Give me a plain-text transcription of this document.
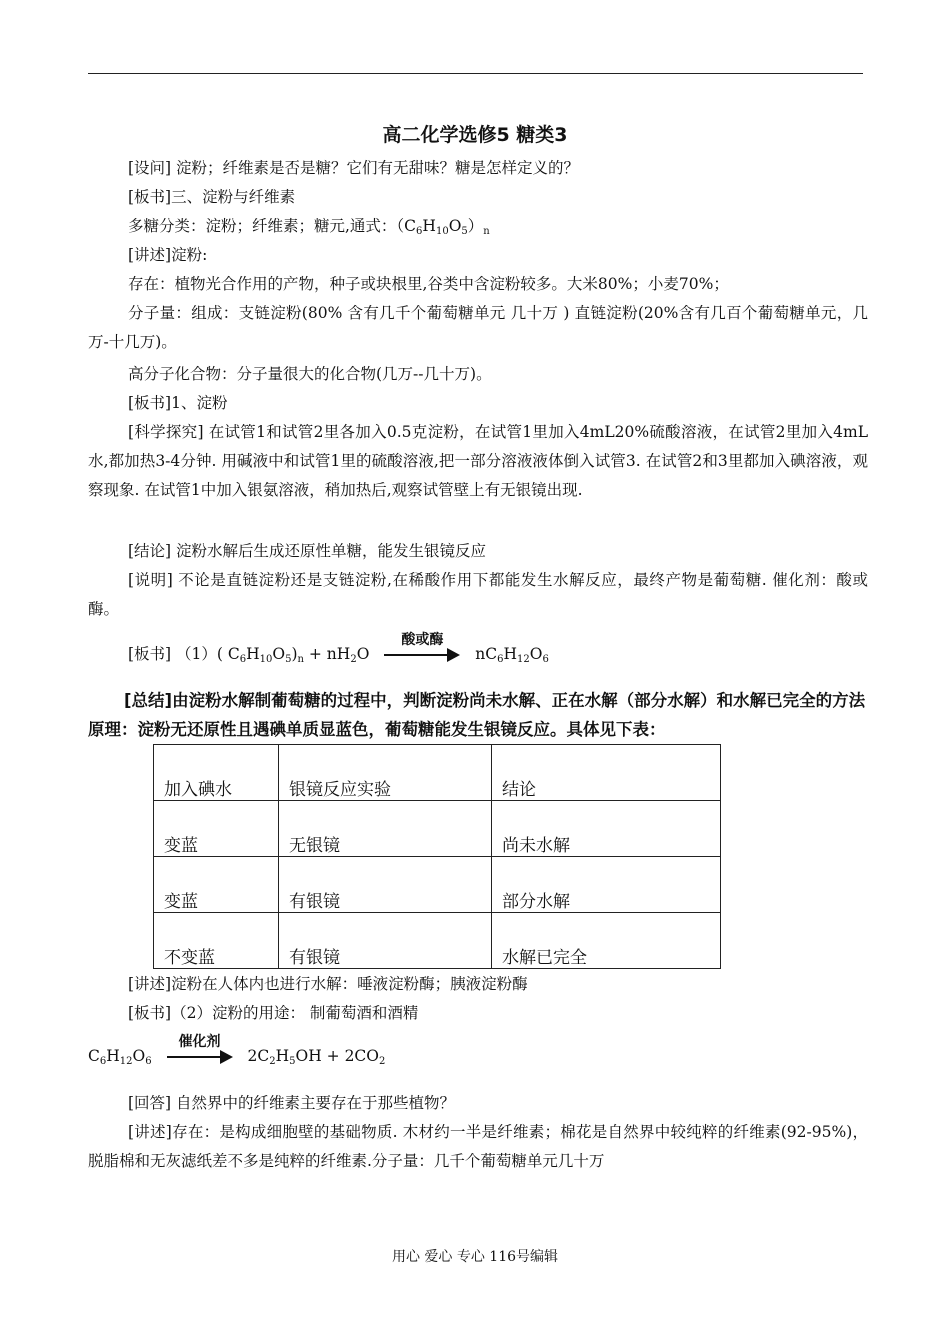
高二化学选修5 糖类3
[设问] 淀粉；纤维素是否是糖？它们有无甜味？糖是怎样定义的？
[板书]三、淀粉与纤维素
多糖分类：淀粉；纤维素；糖元,通式：$(C_6H_{10}O_5)_n$
[讲述]淀粉:
存在：植物光合作用的产物，种子或块根里,谷类中含淀粉较多。大米80%；小麦70%；
分子量：组成：支链淀粉(80% 含有几千个葡萄糖单元 几十万 ) 直链淀粉(20%含有几百个葡萄糖单元，几万-十几万)。
高分子化合物：分子量很大的化合物(几万--几十万)。
[板书]1、淀粉
[科学探究] 在试管1和试管2里各加入0.5克淀粉，在试管1里加入4mL20%硫酸溶液，在试管2里加入4mL水,都加热3-4分钟. 用碱液中和试管1里的硫酸溶液,把一部分溶液液体倒入试管3. 在试管2和3里都加入碘溶液，观察现象. 在试管1中加入银氨溶液，稍加热后,观察试管壁上有无银镜出现.
[结论] 淀粉水解后生成还原性单糖，能发生银镜反应
[说明] 不论是直链淀粉还是支链淀粉,在稀酸作用下都能发生水解反应，最终产物是葡萄糖. 催化剂：酸或酶。
[板书] （1）( $C_6H_{10}O_5)_n + nH_2O$
酸或酶
$nC_6H_{12}O_6$
[总结]由淀粉水解制葡萄糖的过程中，判断淀粉尚未水解、正在水解（部分水解）和水解已完全的方法原理：淀粉无还原性且遇碘单质显蓝色，葡萄糖能发生银镜反应。具体见下表：
加入碘水	银镜反应实验	结论
变蓝	无银镜	尚未水解
变蓝	有银镜	部分水解
不变蓝	有银镜	水解已完全
[讲述]淀粉在人体内也进行水解：唾液淀粉酶；胰液淀粉酶
[板书]（2）淀粉的用途： 制葡萄酒和酒精
$C_6H_{12}O_6$
催化剂
$2C_2H_5OH + 2CO_2$
[回答] 自然界中的纤维素主要存在于那些植物？
[讲述]存在：是构成细胞壁的基础物质. 木材约一半是纤维素；棉花是自然界中较纯粹的纤维素(92-95%)，脱脂棉和无灰滤纸差不多是纯粹的纤维素.分子量：几千个葡萄糖单元几十万
用心 爱心 专心 116号编辑
